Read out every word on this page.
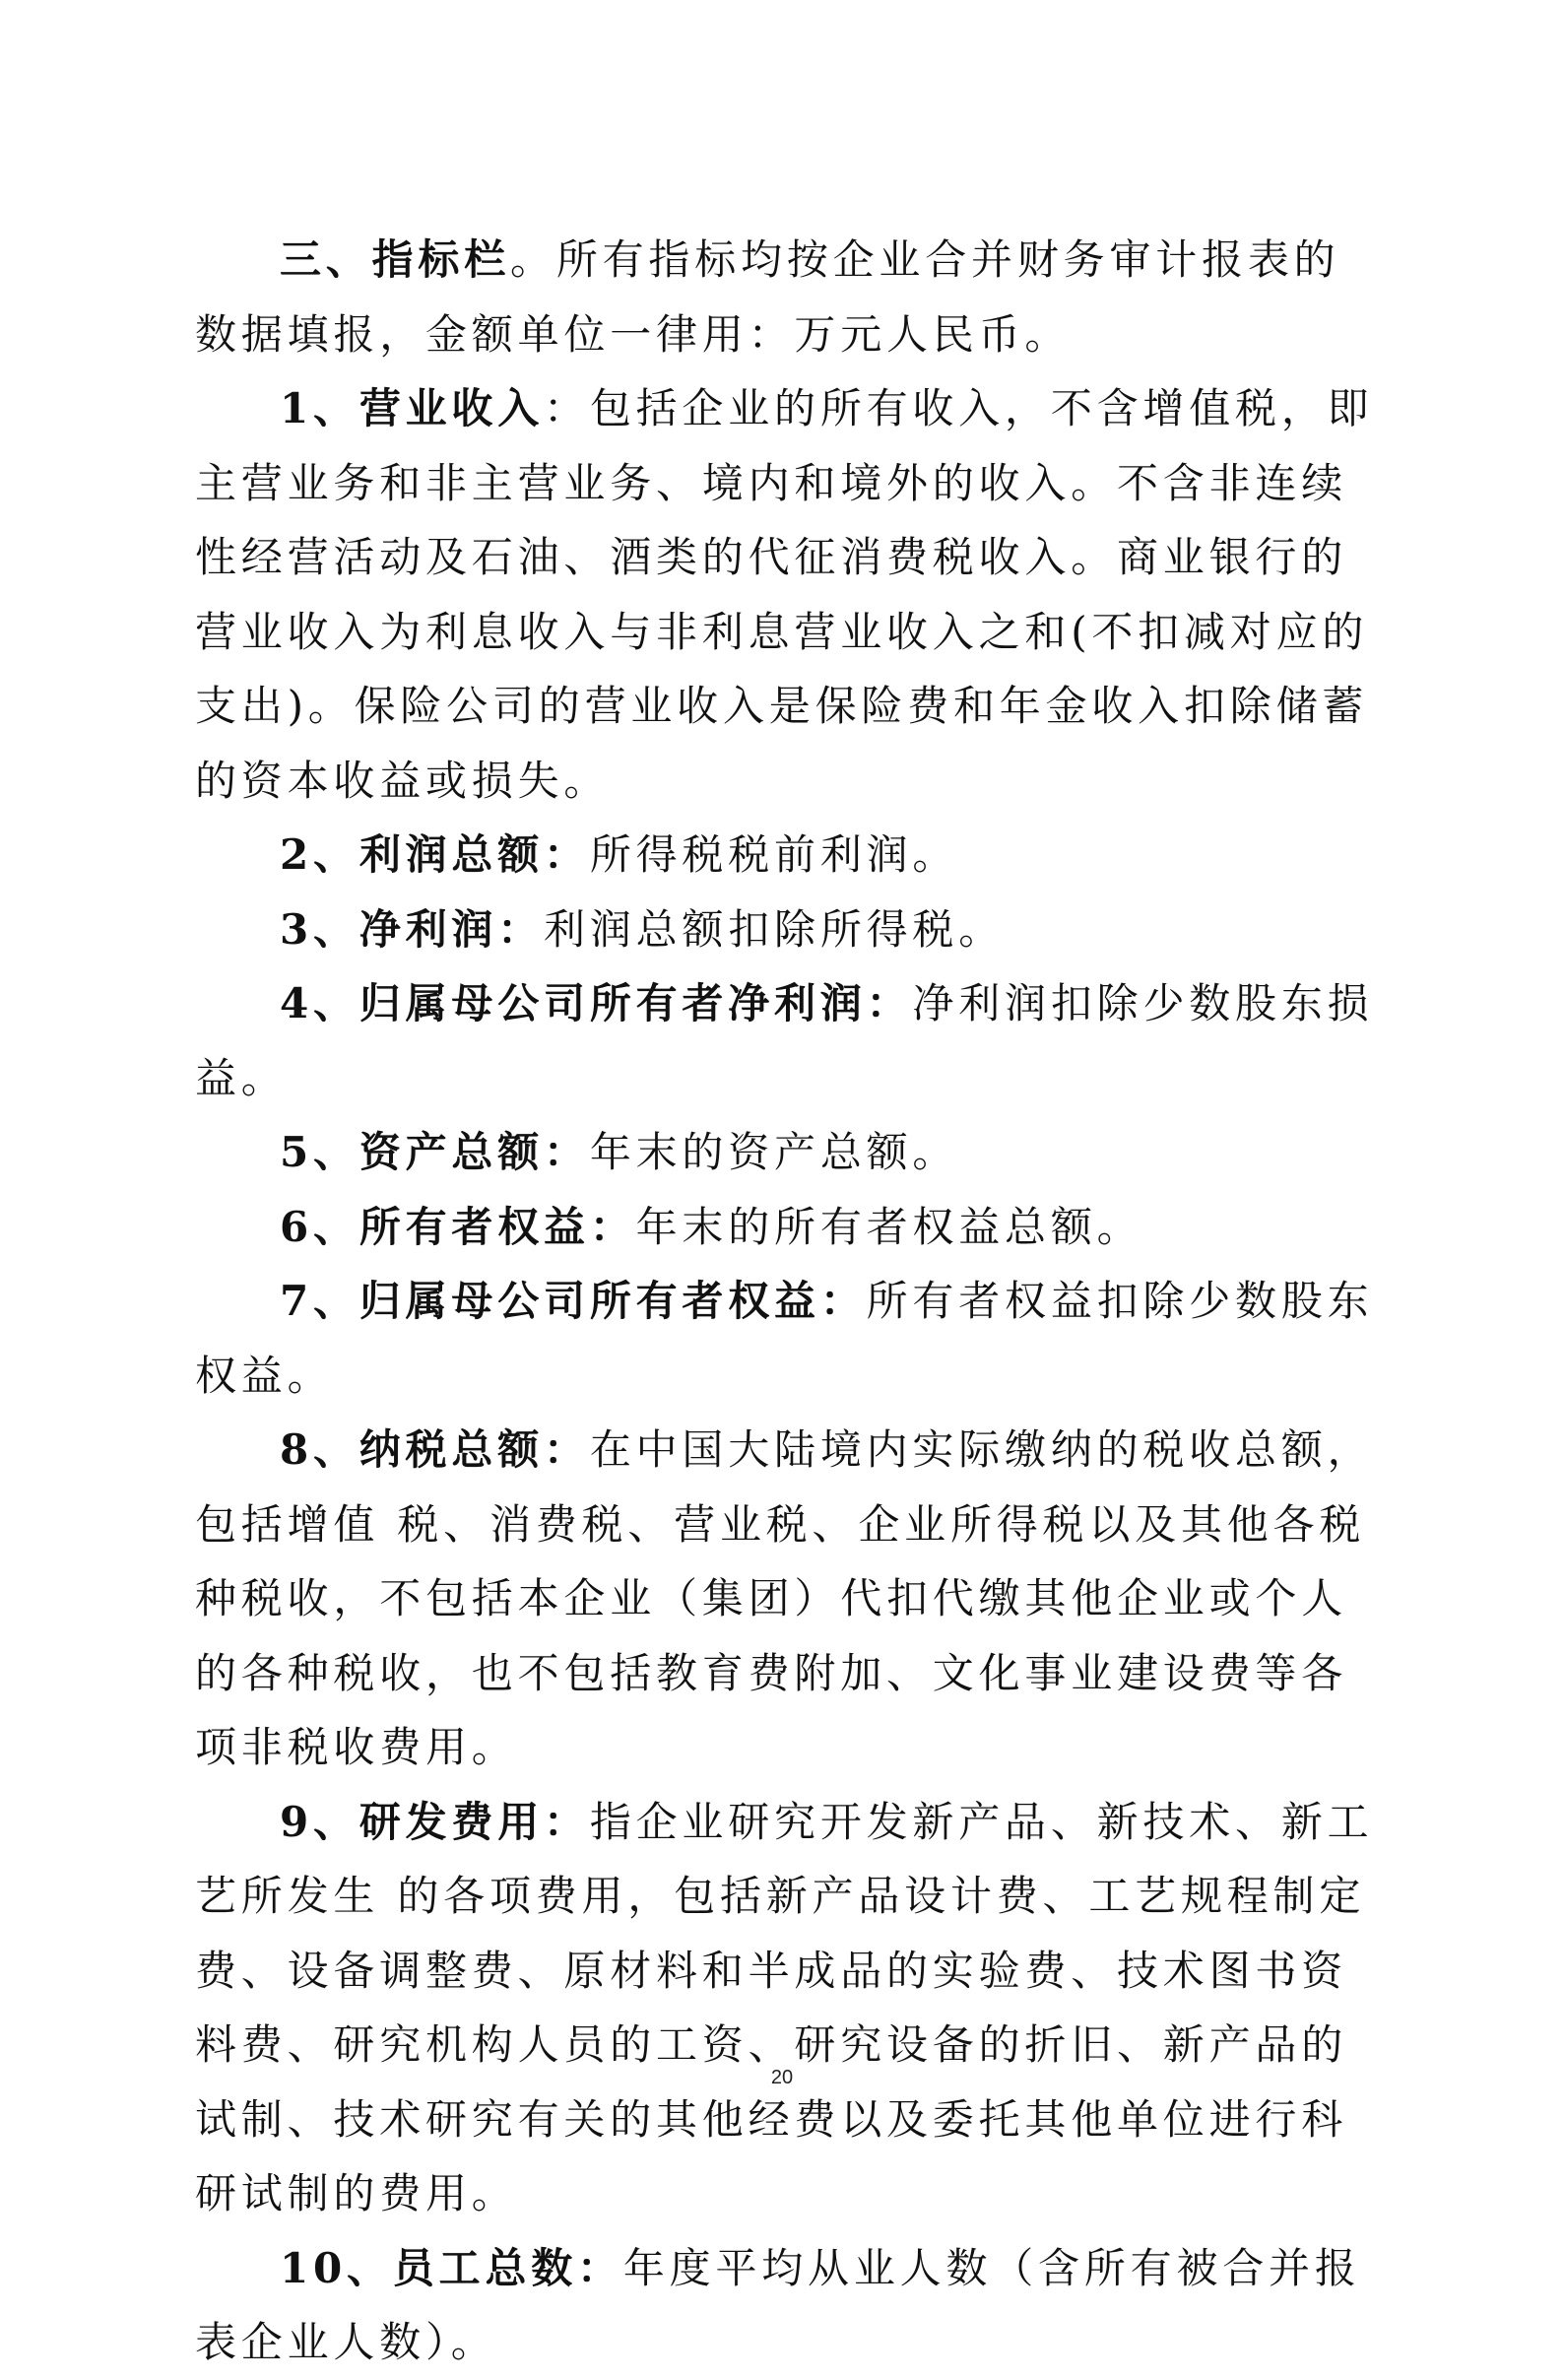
三、指标栏。所有指标均按企业合并财务审计报表的数据填报，金额单位一律用：万元人民币。

1、营业收入：包括企业的所有收入，不含增值税，即主营业务和非主营业务、境内和境外的收入。不含非连续性经营活动及石油、酒类的代征消费税收入。商业银行的营业收入为利息收入与非利息营业收入之和(不扣减对应的支出)。保险公司的营业收入是保险费和年金收入扣除储蓄的资本收益或损失。

2、利润总额：所得税税前利润。

3、净利润：利润总额扣除所得税。

4、归属母公司所有者净利润：净利润扣除少数股东损益。

5、资产总额：年末的资产总额。

6、所有者权益：年末的所有者权益总额。

7、归属母公司所有者权益：所有者权益扣除少数股东权益。

8、纳税总额：在中国大陆境内实际缴纳的税收总额，包括增值 税、消费税、营业税、企业所得税以及其他各税种税收，不包括本企业（集团）代扣代缴其他企业或个人的各种税收，也不包括教育费附加、文化事业建设费等各项非税收费用。

9、研发费用：指企业研究开发新产品、新技术、新工艺所发生 的各项费用，包括新产品设计费、工艺规程制定费、设备调整费、原材料和半成品的实验费、技术图书资料费、研究机构人员的工资、研究设备的折旧、新产品的试制、技术研究有关的其他经费以及委托其他单位进行科研试制的费用。

10、员工总数：年度平均从业人数（含所有被合并报表企业人数）。

20
